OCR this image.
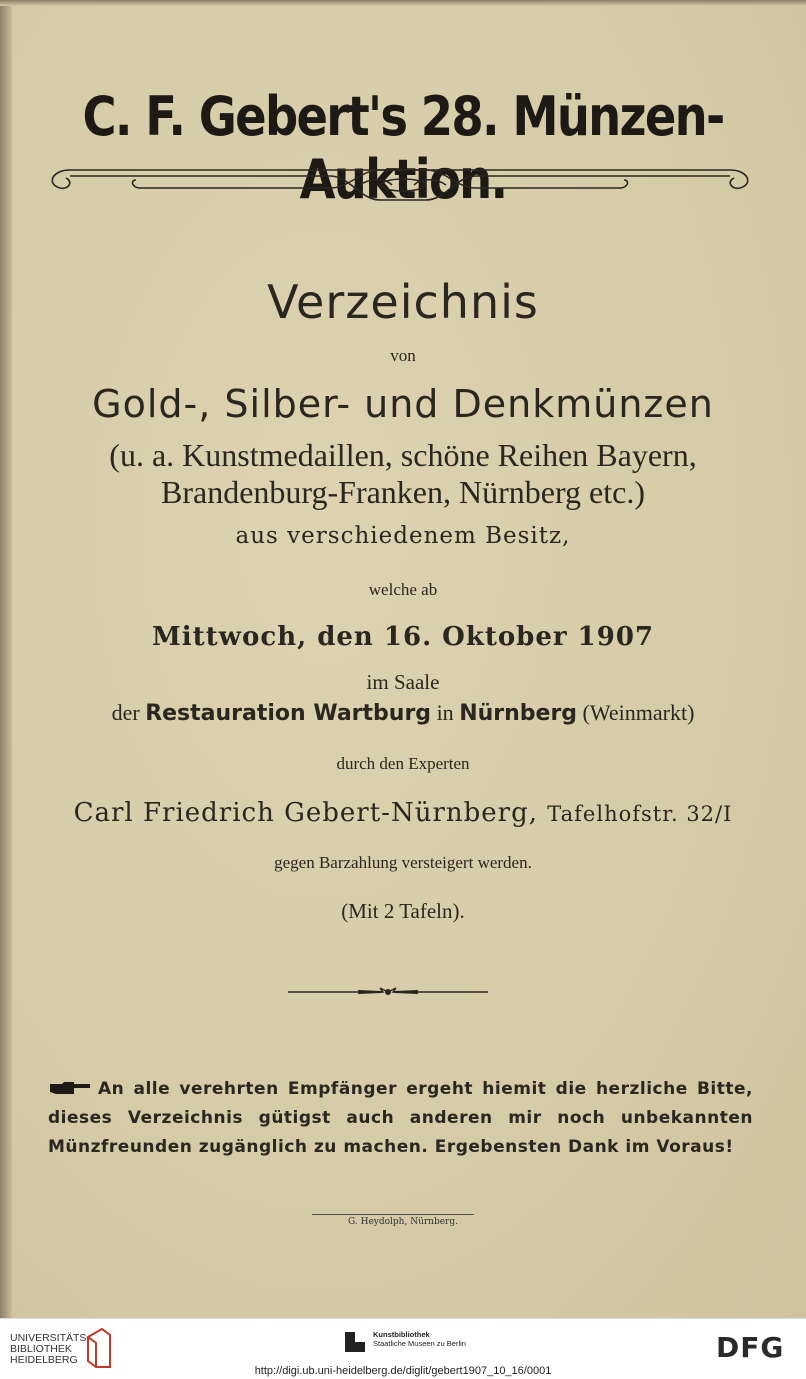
C. F. Gebert's 28. Münzen-Auktion.
Verzeichnis
von
Gold-, Silber- und Denkmünzen
(u. a. Kunstmedaillen, schöne Reihen Bayern,
Brandenburg-Franken, Nürnberg etc.)
aus verschiedenem Besitz,
welche ab
Mittwoch, den 16. Oktober 1907
im Saale
der Restauration Wartburg in Nürnberg (Weinmarkt)
durch den Experten
Carl Friedrich Gebert-Nürnberg, Tafelhofstr. 32/I
gegen Barzahlung versteigert werden.
(Mit 2 Tafeln).
An alle verehrten Empfänger ergeht hiemit die herzliche Bitte, dieses Verzeichnis gütigst auch anderen mir noch unbekannten Münzfreunden zugänglich zu machen. Ergebensten Dank im Voraus!
G. Heydolph, Nürnberg.
UNIVERSITÄTS-
BIBLIOTHEK
HEIDELBERG
Kunstbibliothek
Staatliche Museen zu Berlin	DFG
http://digi.ub.uni-heidelberg.de/diglit/gebert1907_10_16/0001
